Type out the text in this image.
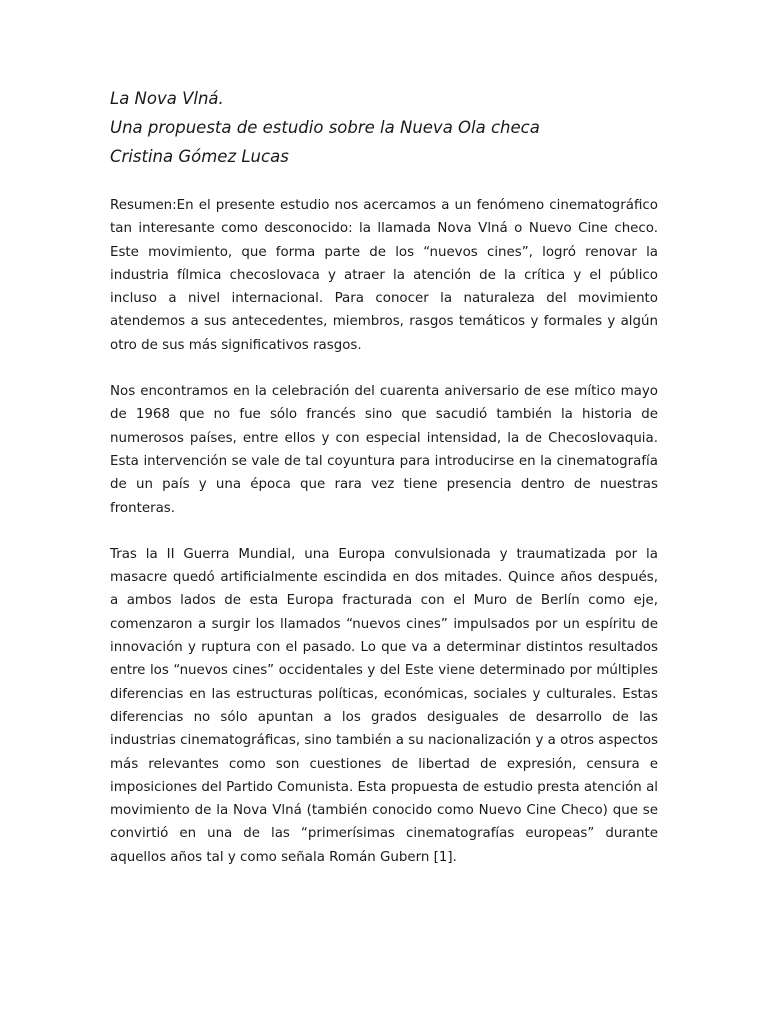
La Nova Vlná.

Una propuesta de estudio sobre la Nueva Ola checa

Cristina Gómez Lucas

Resumen:En el presente estudio nos acercamos a un fenómeno cinematográfico tan interesante como desconocido: la llamada Nova Vlná o Nuevo Cine checo. Este movimiento, que forma parte de los “nuevos cines”, logró renovar la industria fílmica checoslovaca y atraer la atención de la crítica y el público incluso a nivel internacional. Para conocer la naturaleza del movimiento atendemos a sus antecedentes, miembros, rasgos temáticos y formales y algún otro de sus más significativos rasgos.

Nos encontramos en la celebración del cuarenta aniversario de ese mítico mayo de 1968 que no fue sólo francés sino que sacudió también la historia de numerosos países, entre ellos y con especial intensidad, la de Checoslovaquia. Esta intervención se vale de tal coyuntura para introducirse en la cinematografía de un país y una época que rara vez tiene presencia dentro de nuestras fronteras.

Tras la II Guerra Mundial, una Europa convulsionada y traumatizada por la masacre quedó artificialmente escindida en dos mitades. Quince años después, a ambos lados de esta Europa fracturada con el Muro de Berlín como eje, comenzaron a surgir los llamados “nuevos cines” impulsados por un espíritu de innovación y ruptura con el pasado. Lo que va a determinar distintos resultados entre los “nuevos cines” occidentales y del Este viene determinado por múltiples diferencias en las estructuras políticas, económicas, sociales y culturales. Estas diferencias no sólo apuntan a los grados desiguales de desarrollo de las industrias cinematográficas, sino también a su nacionalización y a otros aspectos más relevantes como son cuestiones de libertad de expresión, censura e imposiciones del Partido Comunista. Esta propuesta de estudio presta atención al movimiento de la Nova Vlná (también conocido como Nuevo Cine Checo) que se convirtió en una de las “primerísimas cinematografías europeas” durante aquellos años tal y como señala Román Gubern [1].
